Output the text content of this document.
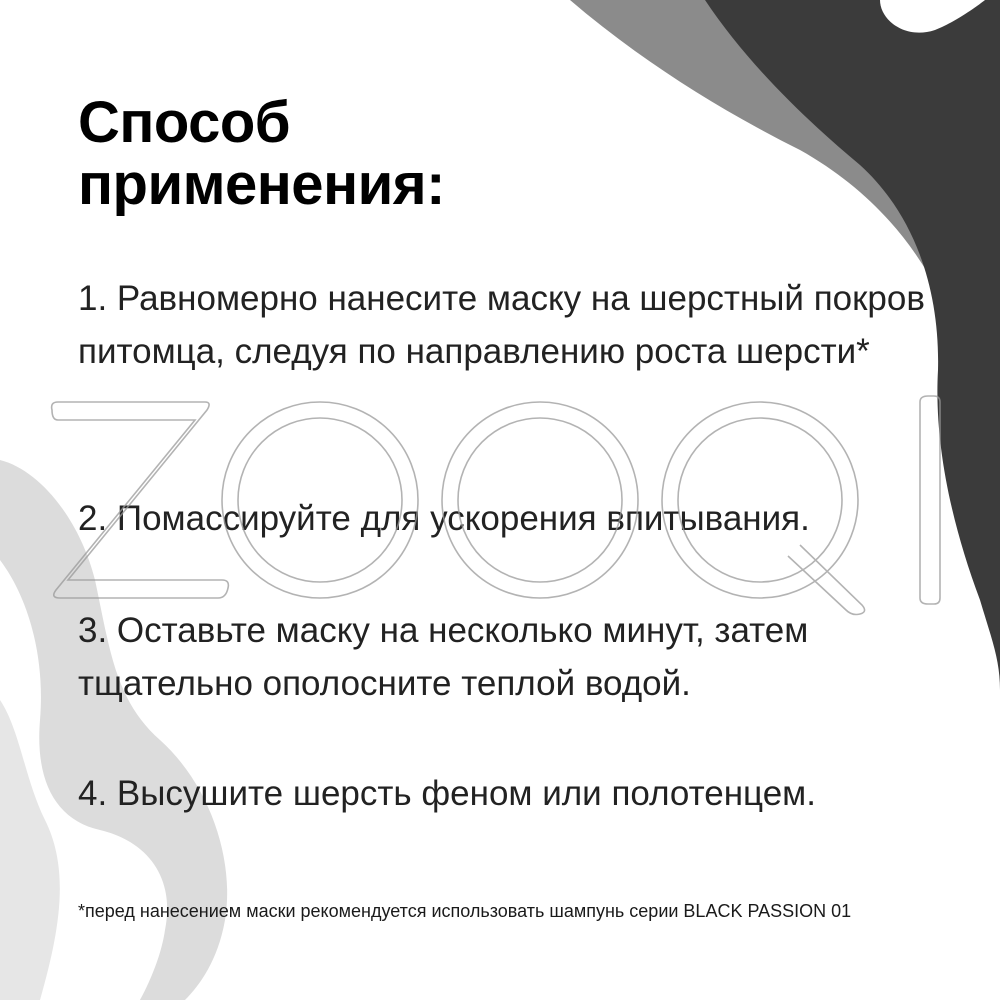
Способ
применения:

1. Равномерно нанесите маску на шерстный покров питомца, следуя по направлению роста шерсти*

2. Помассируйте для ускорения впитывания.

3. Оставьте маску на несколько минут, затем тщательно ополосните теплой водой.

4. Высушите шерсть феном или полотенцем.

*перед нанесением маски рекомендуется использовать шампунь серии BLACK PASSION 01
